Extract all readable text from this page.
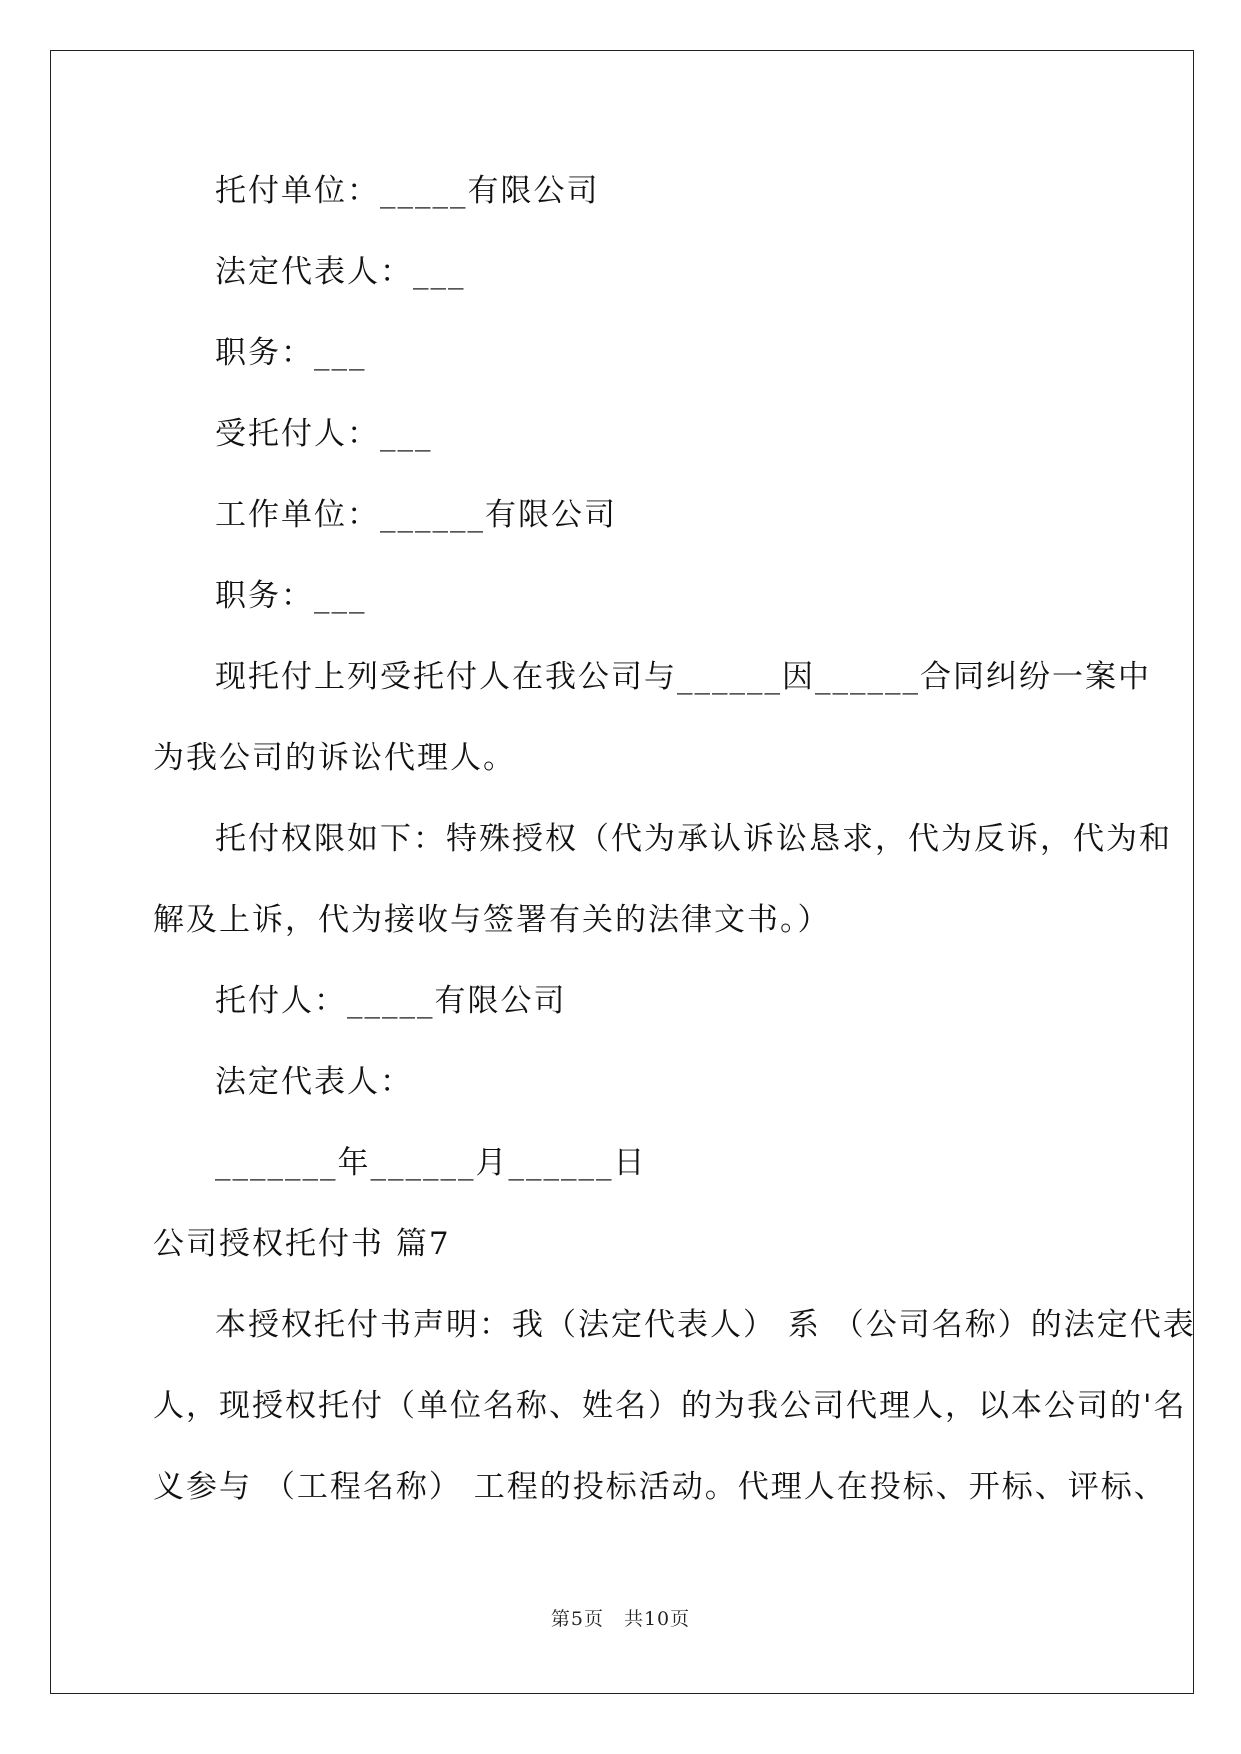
托付单位：_____有限公司
法定代表人：___
职务：___
受托付人：___
工作单位：______有限公司
职务：___
现托付上列受托付人在我公司与______因______合同纠纷一案中
为我公司的诉讼代理人。
托付权限如下：特殊授权（代为承认诉讼恳求，代为反诉，代为和
解及上诉，代为接收与签署有关的法律文书。）
托付人：_____有限公司
法定代表人：
_______年______月______日
公司授权托付书 篇7
本授权托付书声明：我（法定代表人） 系 （公司名称）的法定代表
人，现授权托付（单位名称、姓名）的为我公司代理人，以本公司的'名
义参与 （工程名称） 工程的投标活动。代理人在投标、开标、评标、
第5页　共10页
